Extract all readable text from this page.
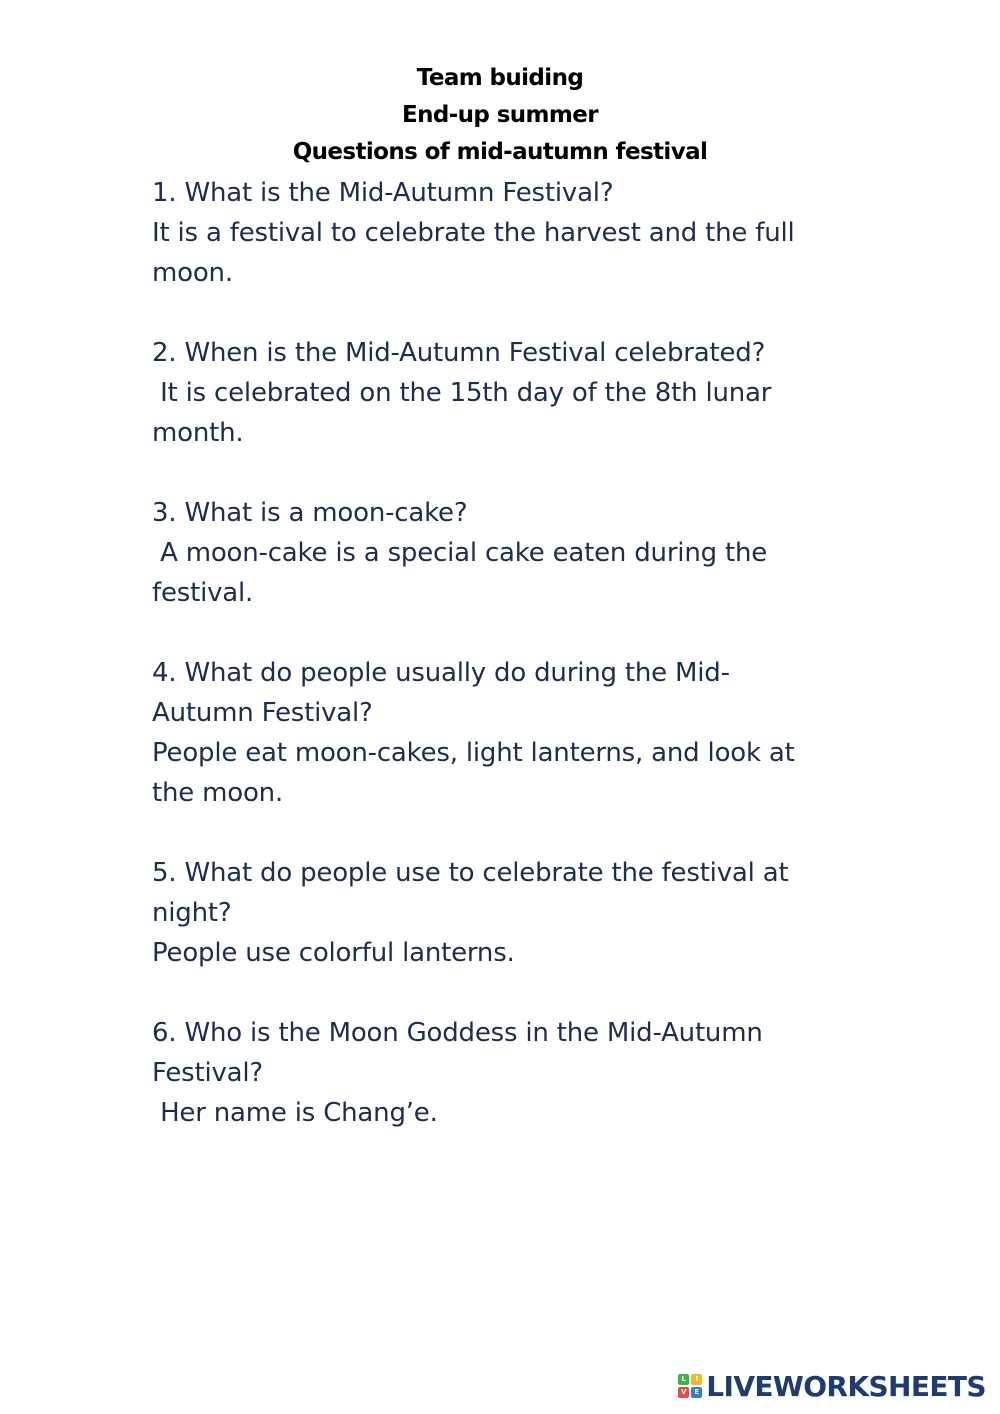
Team buiding
End-up summer
Questions of mid-autumn festival
1. What is the Mid-Autumn Festival?
It is a festival to celebrate the harvest and the full
moon.
2. When is the Mid-Autumn Festival celebrated?
It is celebrated on the 15th day of the 8th lunar
month.
3. What is a moon-cake?
A moon-cake is a special cake eaten during the
festival.
4. What do people usually do during the Mid-
Autumn Festival?
People eat moon-cakes, light lanterns, and look at
the moon.
5. What do people use to celebrate the festival at
night?
People use colorful lanterns.
6. Who is the Moon Goddess in the Mid-Autumn
Festival?
Her name is Chang’e.
L	I
V	E LIVEWORKSHEETS
